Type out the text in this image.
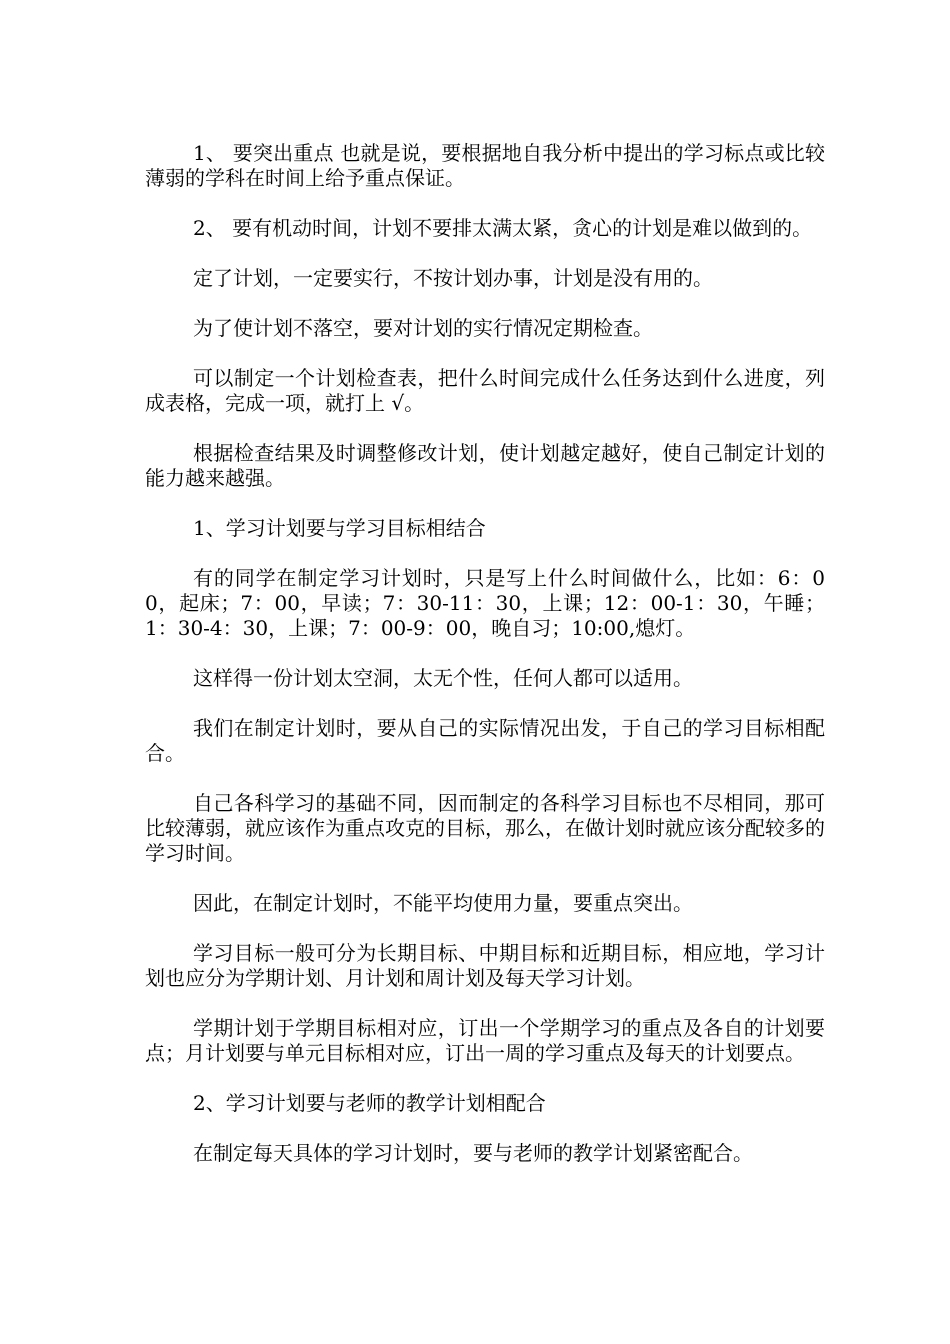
1、 要突出重点 也就是说，要根据地自我分析中提出的学习标点或比较薄弱的学科在时间上给予重点保证。

2、 要有机动时间，计划不要排太满太紧，贪心的计划是难以做到的。

定了计划，一定要实行，不按计划办事，计划是没有用的。

为了使计划不落空，要对计划的实行情况定期检查。

可以制定一个计划检查表，把什么时间完成什么任务达到什么进度，列成表格，完成一项，就打上 √。

根据检查结果及时调整修改计划，使计划越定越好，使自己制定计划的能力越来越强。

1、学习计划要与学习目标相结合

有的同学在制定学习计划时，只是写上什么时间做什么，比如：6：00，起床；7：00，早读；7：30-11：30，上课；12：00-1：30，午睡；1：30-4：30，上课；7：00-9：00，晚自习；10:00,熄灯。

这样得一份计划太空洞，太无个性，任何人都可以适用。

我们在制定计划时，要从自己的实际情况出发，于自己的学习目标相配合。

自己各科学习的基础不同，因而制定的各科学习目标也不尽相同，那可比较薄弱，就应该作为重点攻克的目标，那么，在做计划时就应该分配较多的学习时间。

因此，在制定计划时，不能平均使用力量，要重点突出。

学习目标一般可分为长期目标、中期目标和近期目标，相应地，学习计划也应分为学期计划、月计划和周计划及每天学习计划。

学期计划于学期目标相对应，订出一个学期学习的重点及各自的计划要点；月计划要与单元目标相对应，订出一周的学习重点及每天的计划要点。

2、学习计划要与老师的教学计划相配合

在制定每天具体的学习计划时，要与老师的教学计划紧密配合。
